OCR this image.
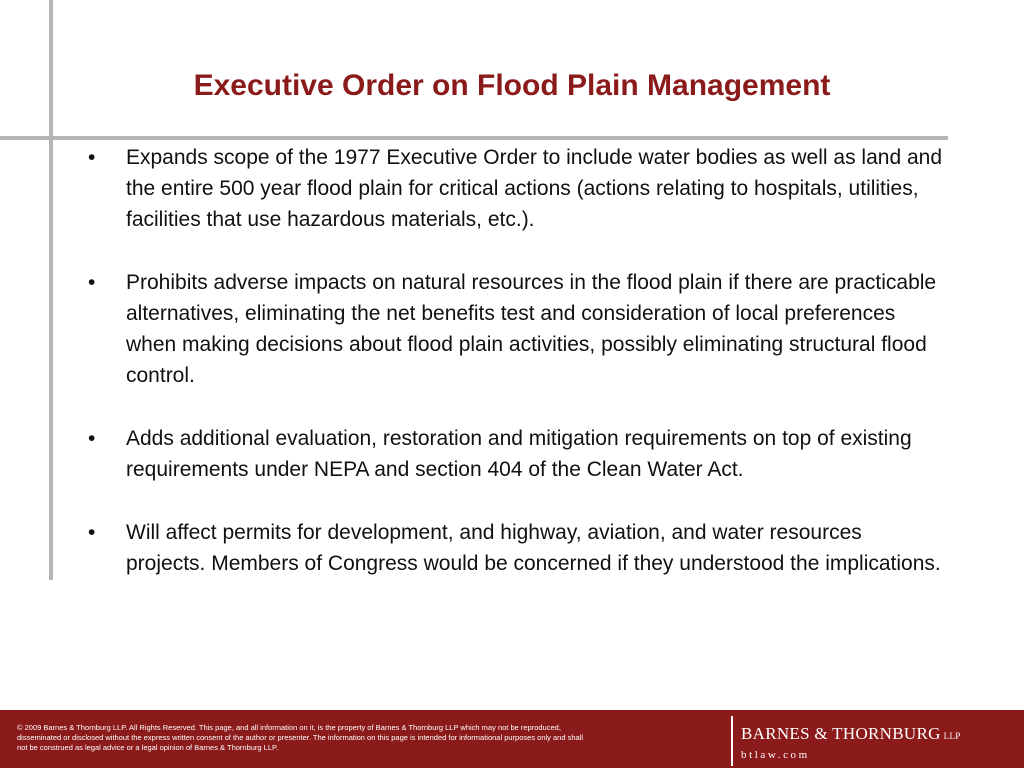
Executive Order on Flood Plain Management
•	Expands scope of the 1977 Executive Order to include water bodies as well as land and the entire 500 year flood plain for critical actions (actions relating to hospitals, utilities, facilities that use hazardous materials, etc.).
•	Prohibits adverse impacts on natural resources in the flood plain if there are practicable alternatives, eliminating the net benefits test and consideration of local preferences when making decisions about flood plain activities, possibly eliminating structural flood control.
•	Adds additional evaluation, restoration and mitigation requirements on top of existing requirements under NEPA and section 404 of the Clean Water Act.
•	Will affect permits for development, and highway, aviation, and water resources projects. Members of Congress would be concerned if they understood the implications.
© 2009 Barnes & Thornburg LLP. All Rights Reserved. This page, and all information on it, is the property of Barnes & Thornburg LLP which may not be reproduced,
disseminated or disclosed without the express written consent of the author or presenter. The information on this page is intended for informational purposes only and shall
not be construed as legal advice or a legal opinion of Barnes & Thornburg LLP.
BARNES & THORNBURG LLP
btlaw.com
